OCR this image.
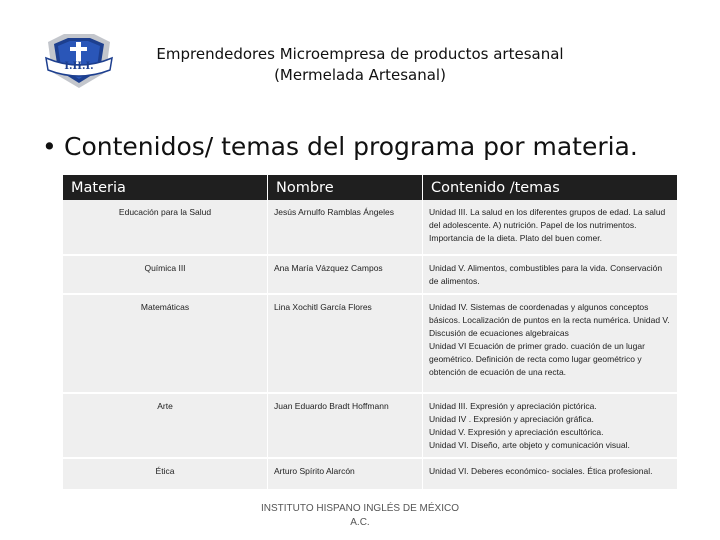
I.H.I.
Emprendedores Microempresa de productos artesanal
(Mermelada Artesanal)
• Contenidos/ temas del programa por materia.
Materia	Nombre	Contenido /temas
Educación para la Salud	Jesús Arnulfo Ramblas Ángeles	Unidad III. La salud en los diferentes grupos de edad. La salud del adolescente. A) nutrición. Papel de los nutrimentos. Importancia de la dieta. Plato del buen comer.
Química III	Ana María Vázquez Campos	Unidad V. Alimentos, combustibles para la vida. Conservación de alimentos.
Matemáticas	Lina Xochitl García Flores	Unidad IV. Sistemas de coordenadas y algunos conceptos básicos. Localización de puntos en la recta numérica. Unidad V. Discusión de ecuaciones algebraicas
Unidad VI Ecuación de primer grado. cuación de un lugar geométrico. Definición de recta como lugar geométrico y obtención de ecuación de una recta.
Arte	Juan Eduardo Bradt Hoffmann	Unidad III. Expresión y apreciación pictórica.
Unidad IV . Expresión y apreciación gráfica.
Unidad V. Expresión y apreciación escultórica.
Unidad VI. Diseño, arte objeto y comunicación visual.
Ética	Arturo Spírito Alarcón	Unidad VI. Deberes económico- sociales. Ética profesional.
INSTITUTO HISPANO INGLÉS DE MÉXICO
A.C.
